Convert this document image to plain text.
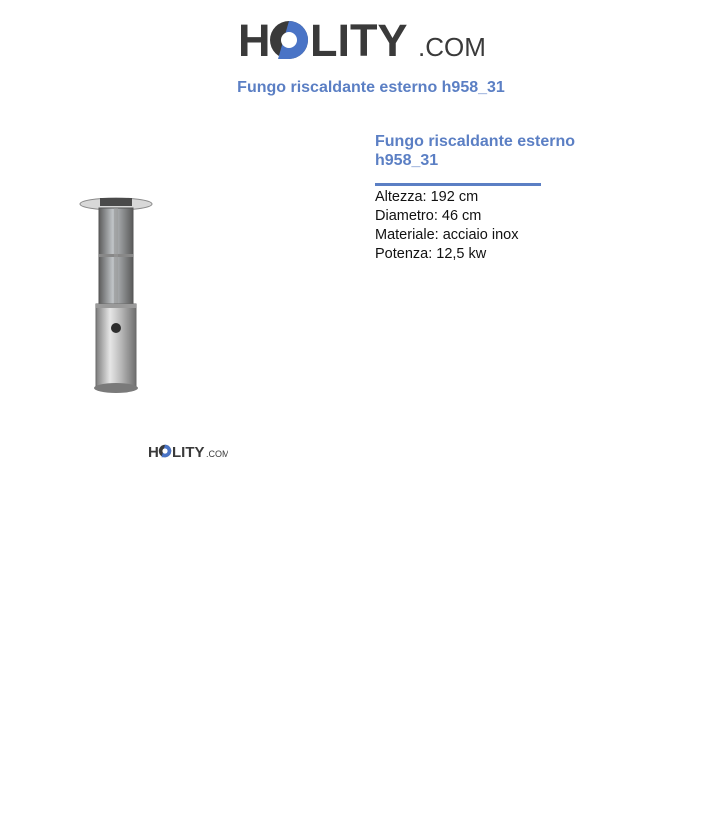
H LITY .COM
Fungo riscaldante esterno h958_31
H LITY .COM
Fungo riscaldante esterno h958_31
Altezza: 192 cm
Diametro: 46 cm
Materiale: acciaio inox
Potenza: 12,5 kw
